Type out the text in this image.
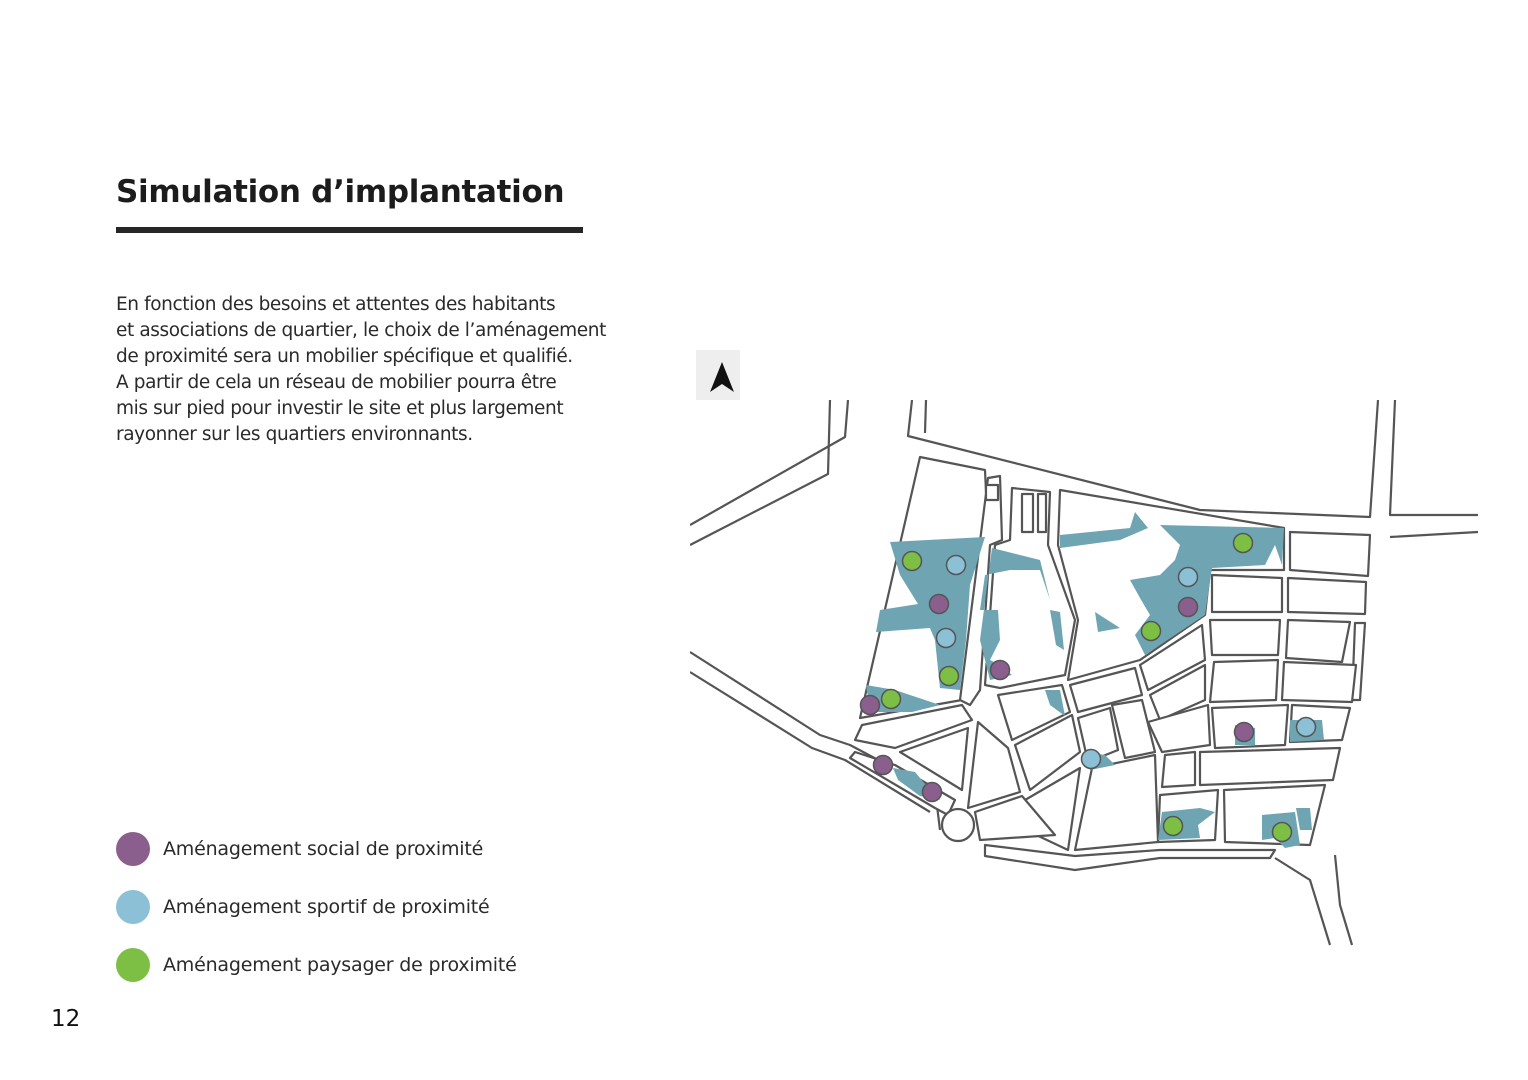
Simulation d’implantation
En fonction des besoins et attentes des habitants
et associations de quartier, le choix de l’aménagement
de proximité sera un mobilier spécifique et qualifié.
A partir de cela un réseau de mobilier pourra être
mis sur pied pour investir le site et plus largement
rayonner sur les quartiers environnants.
Aménagement social de proximité
Aménagement sportif de proximité
Aménagement paysager de proximité
12
